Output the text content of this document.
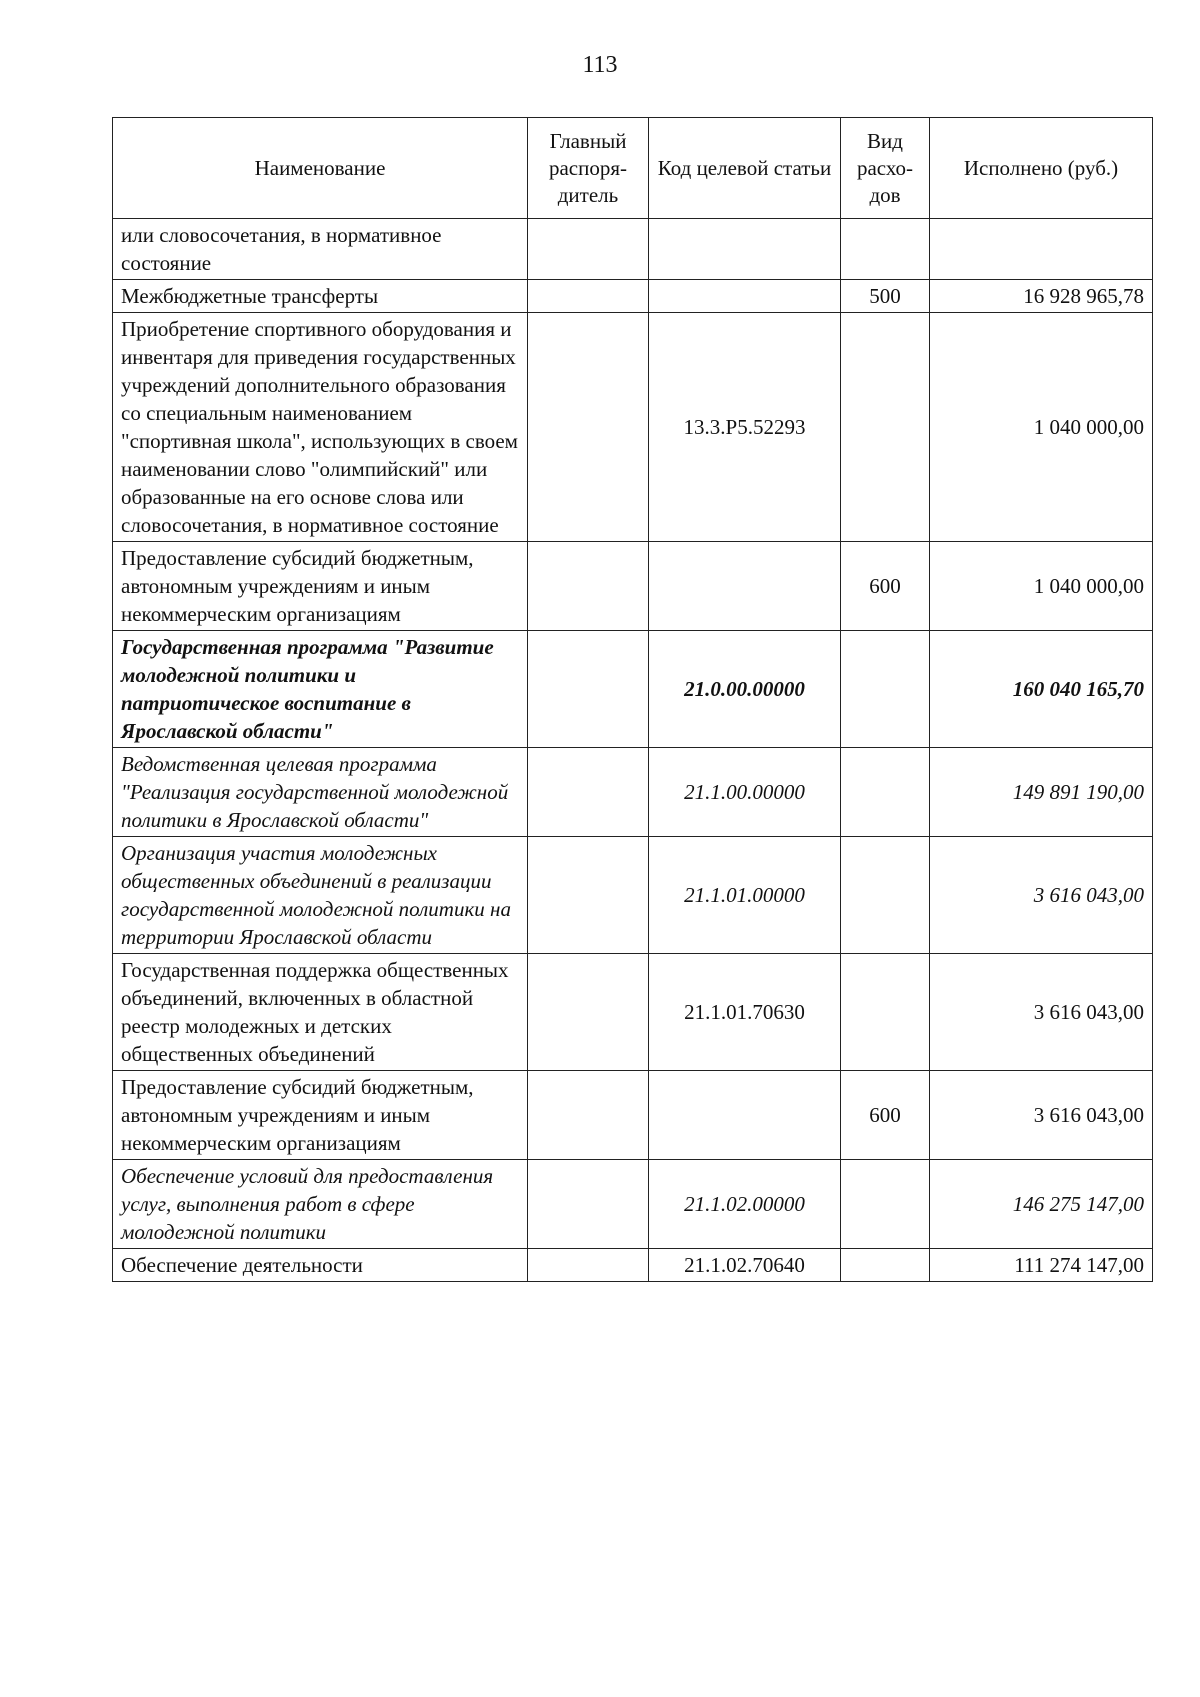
113
Наименование	Главный распоря-дитель	Код целевой статьи	Вид расхо-дов	Исполнено (руб.)
или словосочетания, в нормативное состояние				
Межбюджетные трансферты			500	16 928 965,78
Приобретение спортивного оборудования и инвентаря для приведения государственных учреждений дополнительного образования со специальным наименованием "спортивная школа", использующих в своем наименовании слово "олимпийский" или образованные на его основе слова или словосочетания, в нормативное состояние		13.3.Р5.52293		1 040 000,00
Предоставление субсидий бюджетным, автономным учреждениям и иным некоммерческим организациям			600	1 040 000,00
Государственная программа "Развитие молодежной политики и патриотическое воспитание в Ярославской области"		21.0.00.00000		160 040 165,70
Ведомственная целевая программа "Реализация государственной молодежной политики в Ярославской области"		21.1.00.00000		149 891 190,00
Организация участия молодежных общественных объединений в реализации государственной молодежной политики на территории Ярославской области		21.1.01.00000		3 616 043,00
Государственная поддержка общественных объединений, включенных в областной реестр молодежных и детских общественных объединений		21.1.01.70630		3 616 043,00
Предоставление субсидий бюджетным, автономным учреждениям и иным некоммерческим организациям			600	3 616 043,00
Обеспечение условий для предоставления услуг, выполнения работ в сфере молодежной политики		21.1.02.00000		146 275 147,00
Обеспечение деятельности		21.1.02.70640		111 274 147,00
